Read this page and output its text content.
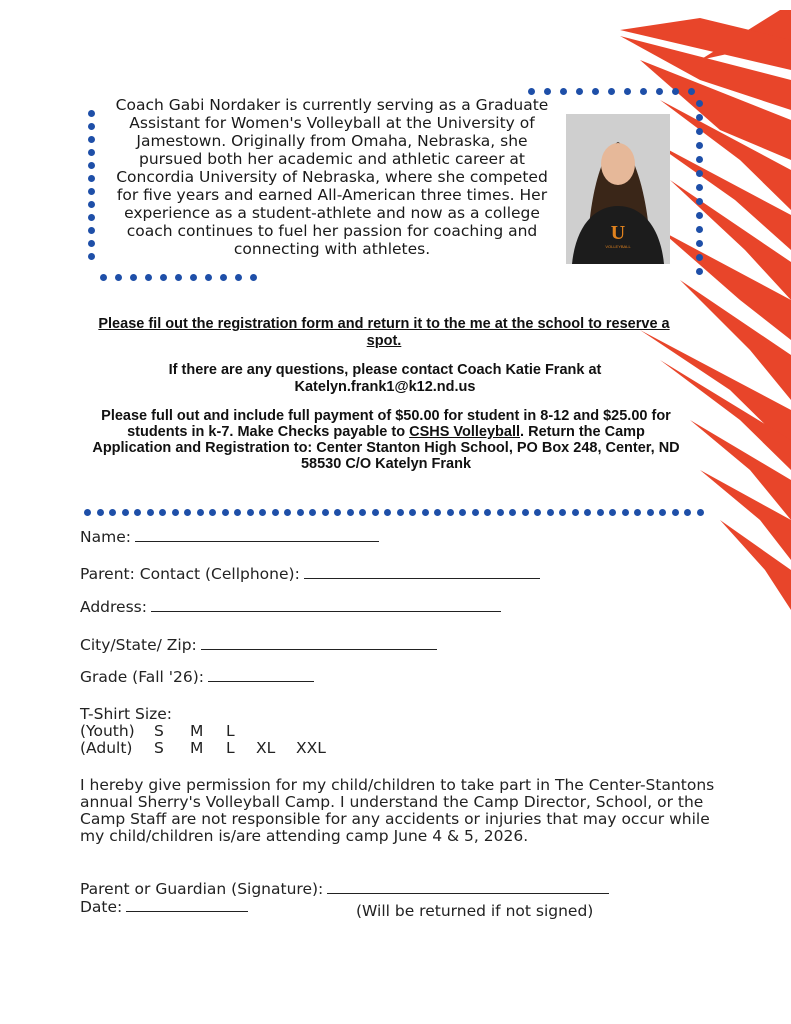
Coach Gabi Nordaker is currently serving as a Graduate Assistant for Women's Volleyball at the University of Jamestown. Originally from Omaha, Nebraska, she pursued both her academic and athletic career at Concordia University of Nebraska, where she competed for five years and earned All-American three times. Her experience as a student-athlete and now as a college coach continues to fuel her passion for coaching and connecting with athletes.
U
VOLLEYBALL
Please fil out the registration form and return it to the me at the school to reserve a spot.
If there are any questions, please contact Coach Katie Frank at Katelyn.frank1@k12.nd.us
Please full out and include full payment of $50.00 for student in 8-12 and $25.00 for students in k-7. Make Checks payable to CSHS Volleyball. Return the Camp Application and Registration to: Center Stanton High School, PO Box 248, Center, ND 58530 C/O Katelyn Frank
Name:
Parent: Contact (Cellphone):
Address:
City/State/ Zip:
Grade (Fall '26):
T-Shirt Size:
(Youth) S M L
(Adult) S M L XL XXL
I hereby give permission for my child/children to take part in The Center-Stantons annual Sherry's Volleyball Camp. I understand the Camp Director, School, or the Camp Staff are not responsible for any accidents or injuries that may occur while my child/children is/are attending camp June 4 & 5, 2026.
Parent or Guardian (Signature):
Date:	(Will be returned if not signed)
